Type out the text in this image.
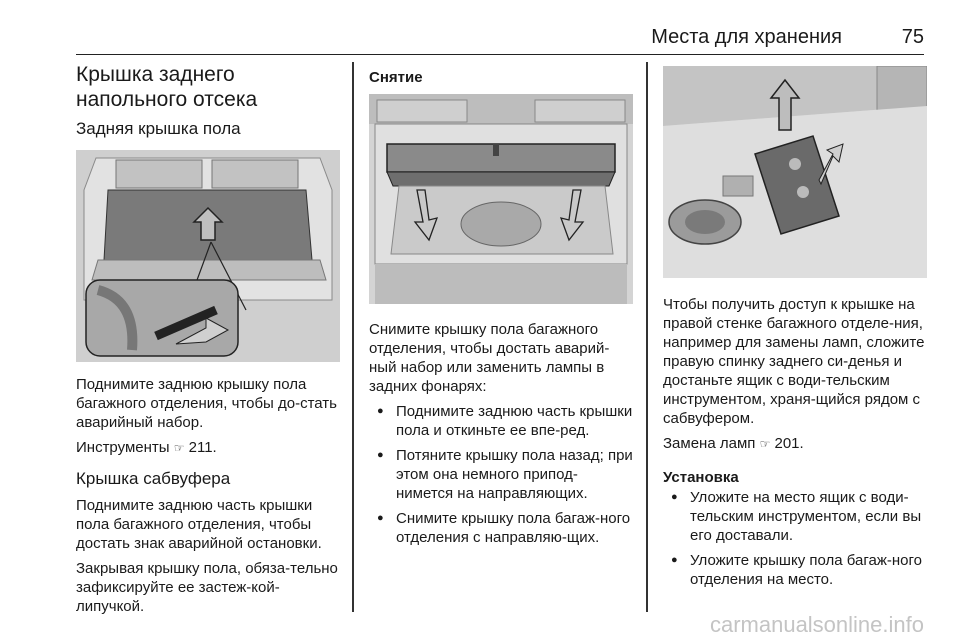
Места для хранения	75
Крышка заднего напольного отсека
Задняя крышка пола

Поднимите заднюю крышку пола багажного отделения, чтобы до-стать аварийный набор.

Инструменты ☞ 211.

Крышка сабвуфера

Поднимите заднюю часть крышки пола багажного отделения, чтобы достать знак аварийной остановки.

Закрывая крышку пола, обяза-тельно зафиксируйте ее застеж-кой-липучкой.

Снятие

Снимите крышку пола багажного отделения, чтобы достать аварий-ный набор или заменить лампы в задних фонарях:

● Поднимите заднюю часть крышки пола и откиньте ее впе-ред.
● Потяните крышку пола назад; при этом она немного припод-нимется на направляющих.
● Снимите крышку пола багаж-ного отделения с направляю-щих.

Чтобы получить доступ к крышке на правой стенке багажного отделе-ния, например для замены ламп, сложите правую спинку заднего си-денья и достаньте ящик с води-тельским инструментом, храня-щийся рядом с сабвуфером.

Замена ламп ☞ 201.

Установка
● Уложите на место ящик с води-тельским инструментом, если вы его доставали.
● Уложите крышку пола багаж-ного отделения на место.
carmanualsonline.info
